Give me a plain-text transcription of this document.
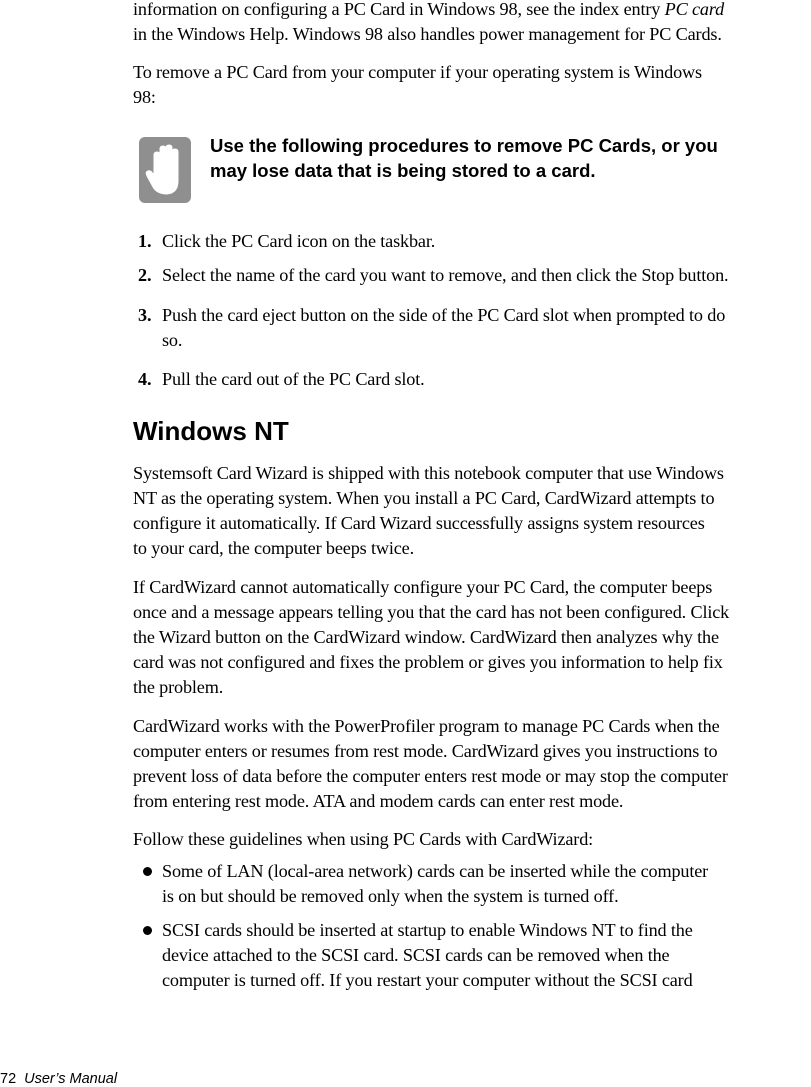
information on configuring a PC Card in Windows 98, see the index entry PC card
in the Windows Help. Windows 98 also handles power management for PC Cards.

To remove a PC Card from your computer if your operating system is Windows
98:

Use the following procedures to remove PC Cards, or you
may lose data that is being stored to a card.
1. Click the PC Card icon on the taskbar.
2. Select the name of the card you want to remove, and then click the Stop button.
3. Push the card eject button on the side of the PC Card slot when prompted to do
so.
4. Pull the card out of the PC Card slot.
Windows NT

Systemsoft Card Wizard is shipped with this notebook computer that use Windows
NT as the operating system. When you install a PC Card, CardWizard attempts to
configure it automatically. If Card Wizard successfully assigns system resources
to your card, the computer beeps twice.

If CardWizard cannot automatically configure your PC Card, the computer beeps
once and a message appears telling you that the card has not been configured. Click
the Wizard button on the CardWizard window. CardWizard then analyzes why the
card was not configured and fixes the problem or gives you information to help fix
the problem.

CardWizard works with the PowerProfiler program to manage PC Cards when the
computer enters or resumes from rest mode. CardWizard gives you instructions to
prevent loss of data before the computer enters rest mode or may stop the computer
from entering rest mode. ATA and modem cards can enter rest mode.

Follow these guidelines when using PC Cards with CardWizard:

Some of LAN (local-area network) cards can be inserted while the computer
is on but should be removed only when the system is turned off.
SCSI cards should be inserted at startup to enable Windows NT to find the
device attached to the SCSI card. SCSI cards can be removed when the
computer is turned off. If you restart your computer without the SCSI card
72 User’s Manual
